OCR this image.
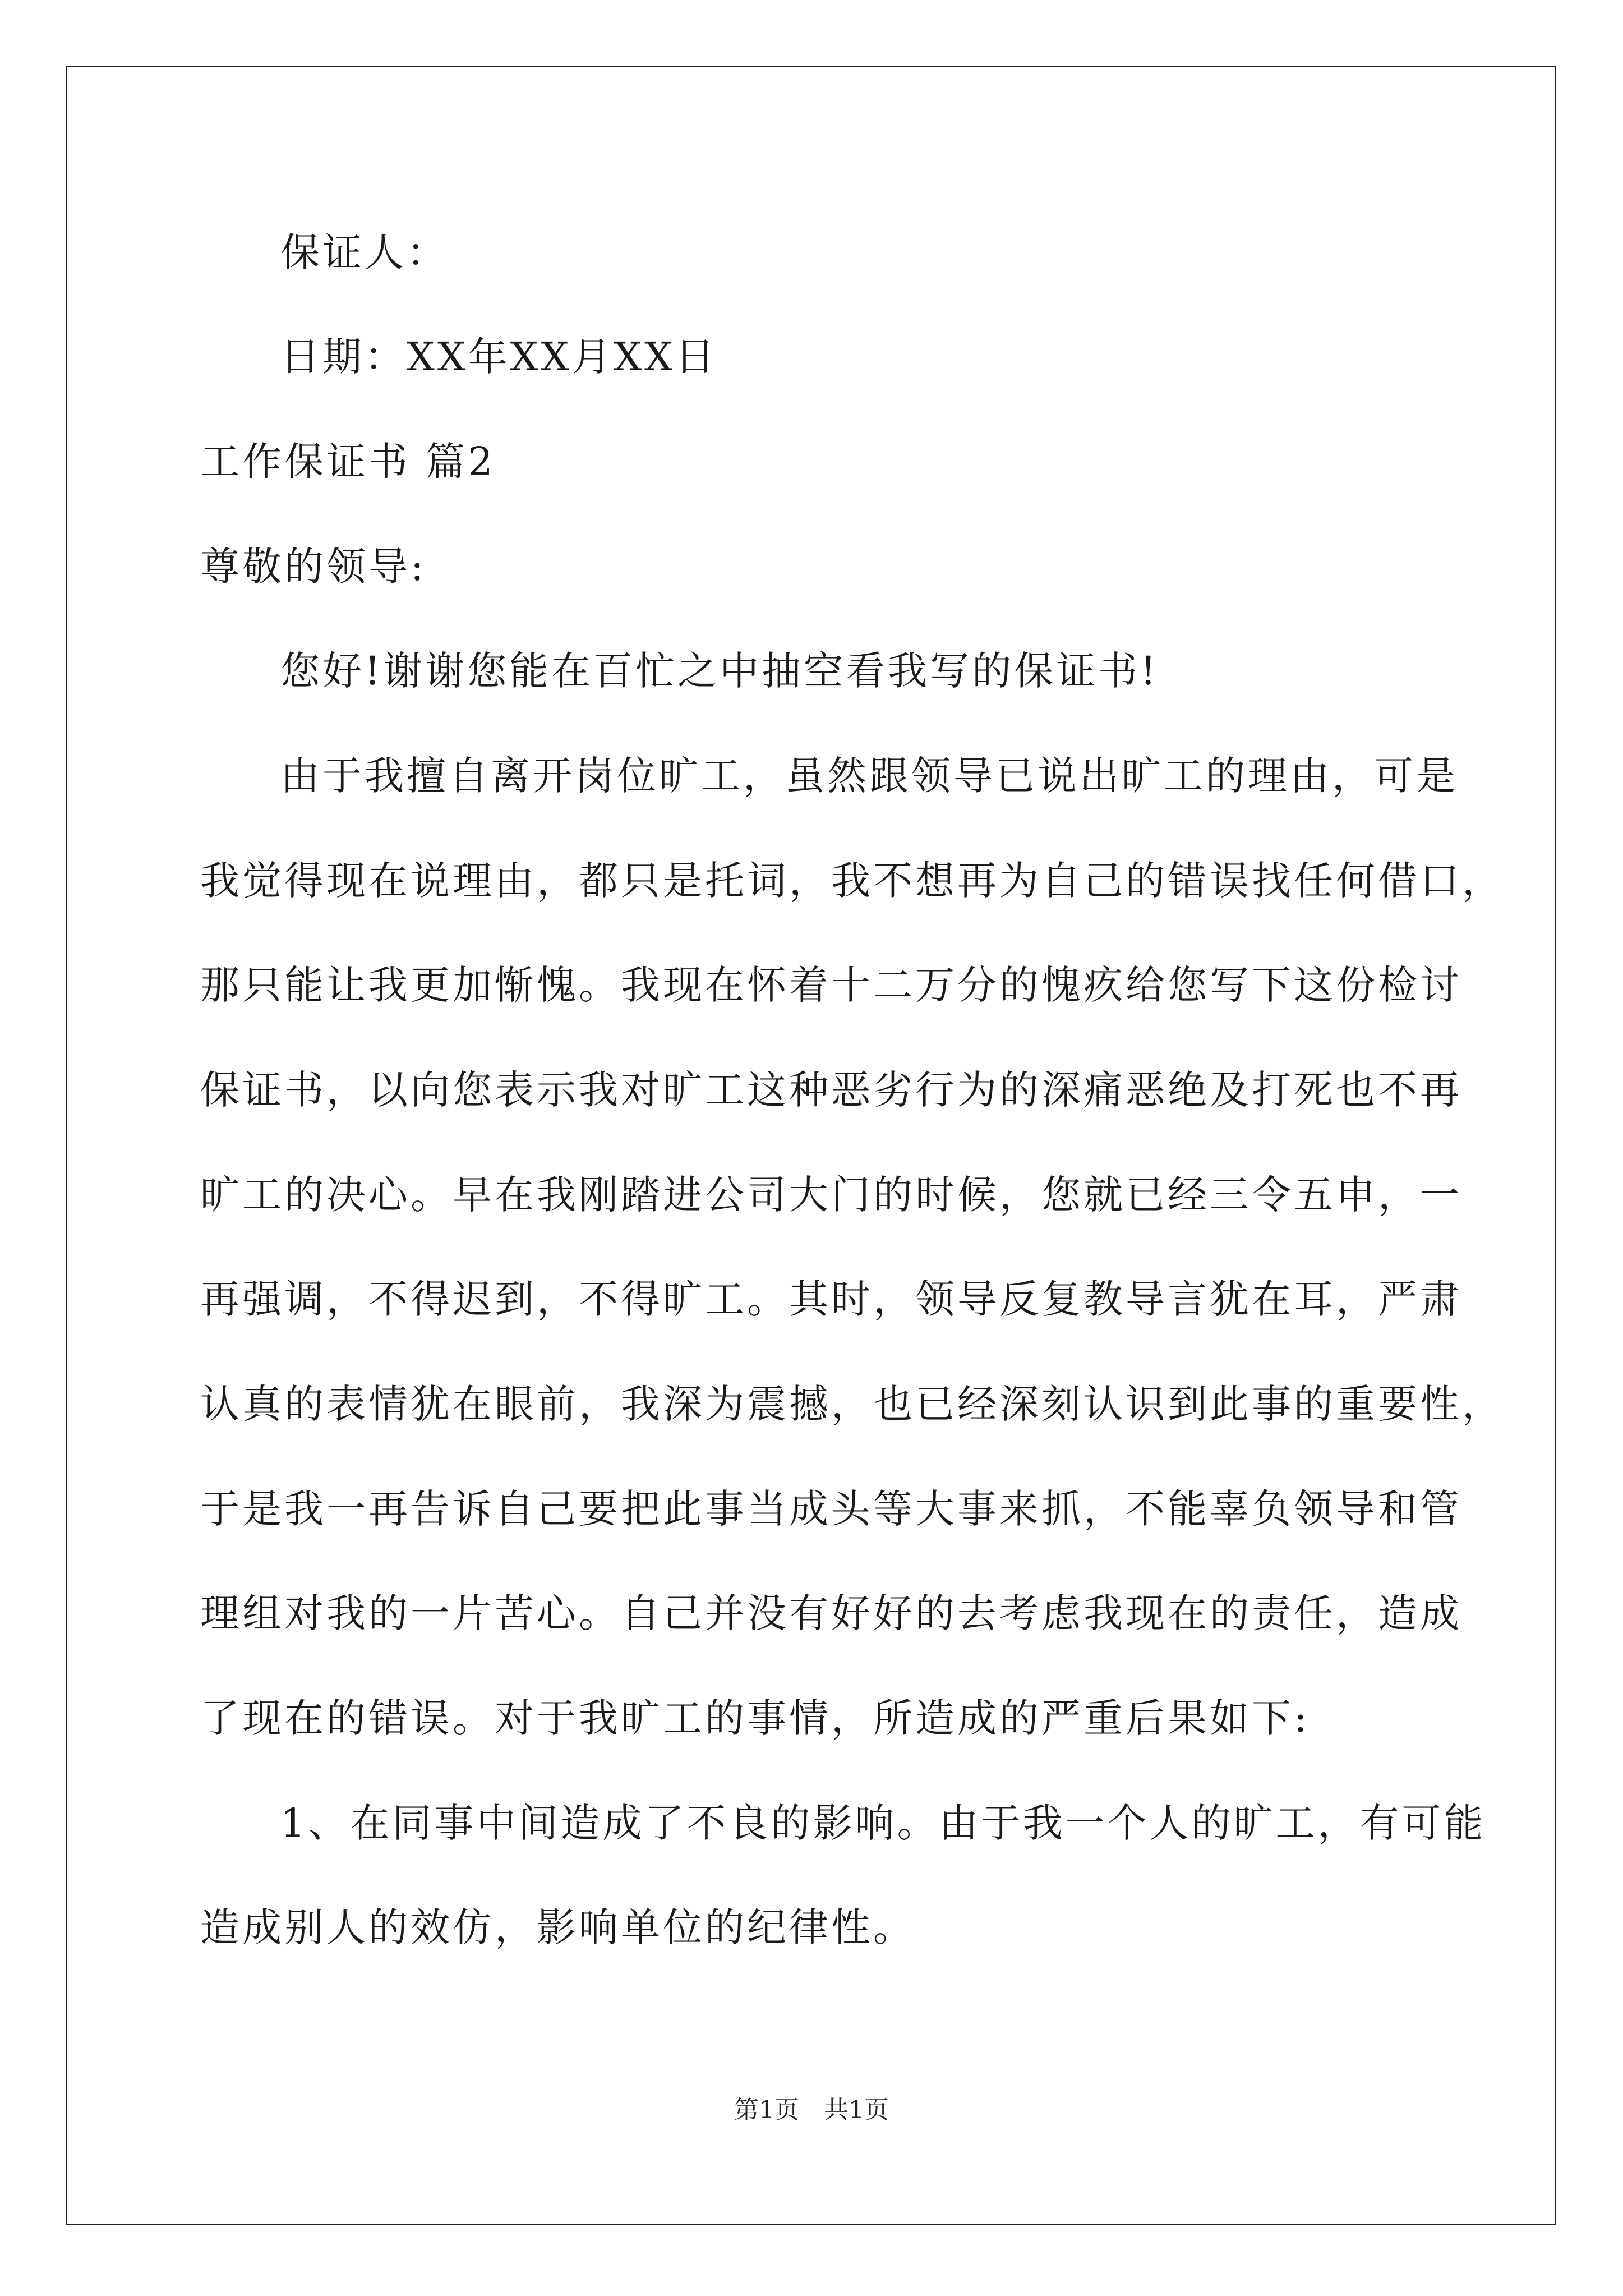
保证人：
日期：XX年XX月XX日
工作保证书 篇2
尊敬的领导:
您好!谢谢您能在百忙之中抽空看我写的保证书!
由于我擅自离开岗位旷工，虽然跟领导已说出旷工的理由，可是
我觉得现在说理由，都只是托词，我不想再为自己的错误找任何借口，
那只能让我更加惭愧。我现在怀着十二万分的愧疚给您写下这份检讨
保证书，以向您表示我对旷工这种恶劣行为的深痛恶绝及打死也不再
旷工的决心。早在我刚踏进公司大门的时候，您就已经三令五申，一
再强调，不得迟到，不得旷工。其时，领导反复教导言犹在耳，严肃
认真的表情犹在眼前，我深为震撼，也已经深刻认识到此事的重要性，
于是我一再告诉自己要把此事当成头等大事来抓，不能辜负领导和管
理组对我的一片苦心。自己并没有好好的去考虑我现在的责任，造成
了现在的错误。对于我旷工的事情，所造成的严重后果如下:
1、在同事中间造成了不良的影响。由于我一个人的旷工，有可能
造成别人的效仿，影响单位的纪律性。
第1页　共1页
